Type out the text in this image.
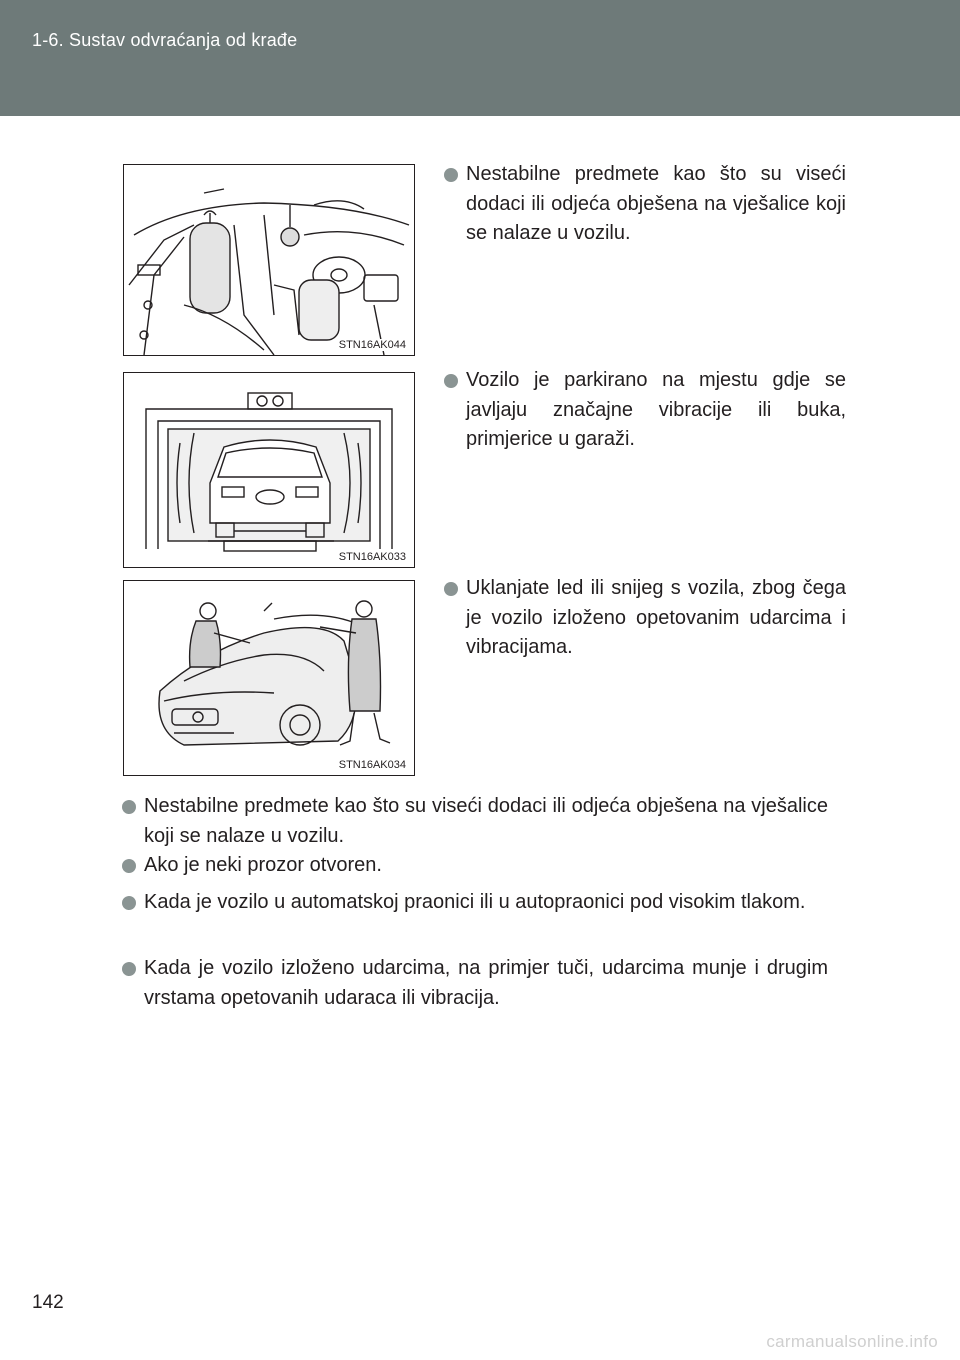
1-6. Sustav odvraćanja od krađe
STN16AK044
STN16AK033
STN16AK034
Nestabilne predmete kao što su viseći dodaci ili odjeća obješena na vješalice koji se nalaze u vozilu.
Vozilo je parkirano na mjestu gdje se javljaju značajne vibracije ili buka, primjerice u garaži.
Uklanjate led ili snijeg s vozila, zbog čega je vozilo izloženo opetovanim udarcima i vibracijama.
Nestabilne predmete kao što su viseći dodaci ili odjeća obješena na vješalice koji se nalaze u vozilu.
Ako je neki prozor otvoren.
Kada je vozilo u automatskoj praonici ili u autopraonici pod visokim tlakom.
Kada je vozilo izloženo udarcima, na primjer tuči, udarcima munje i drugim vrstama opetovanih udaraca ili vibracija.
142
carmanualsonline.info
